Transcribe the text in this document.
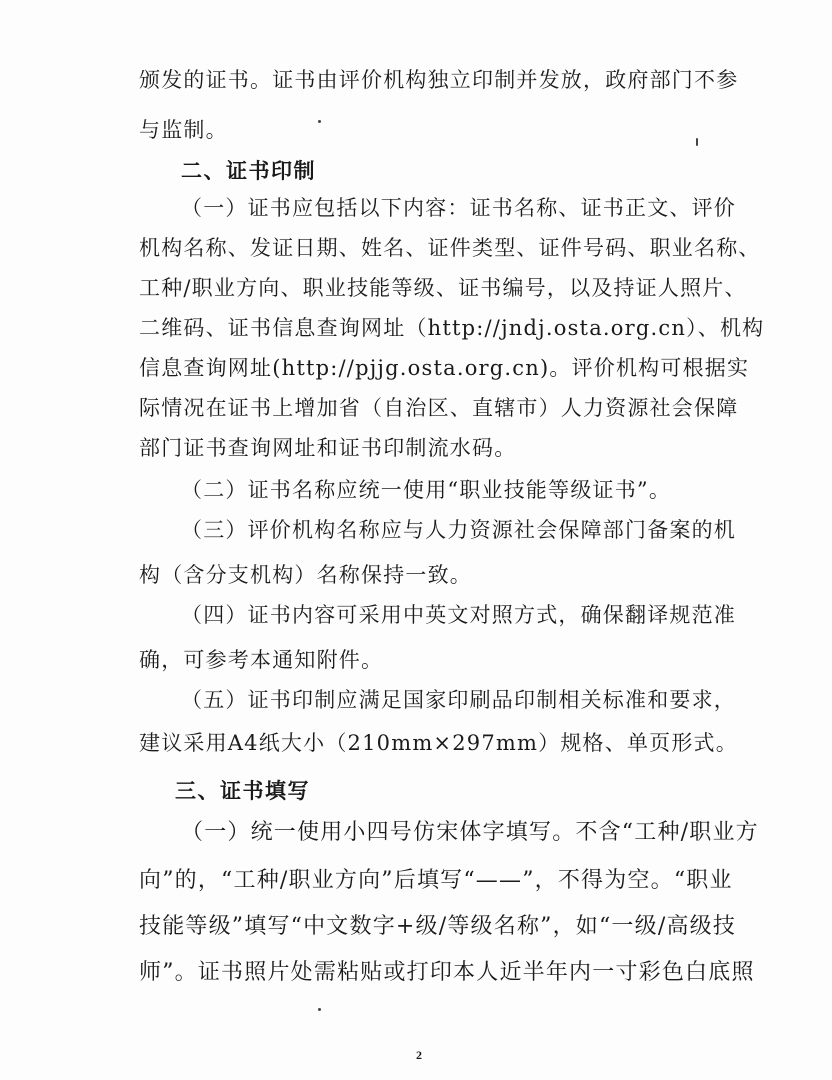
颁发的证书。证书由评价机构独立印制并发放，政府部门不参
与监制。
二、证书印制
（一）证书应包括以下内容：证书名称、证书正文、评价
机构名称、发证日期、姓名、证件类型、证件号码、职业名称、
工种/职业方向、职业技能等级、证书编号，以及持证人照片、
二维码、证书信息查询网址（http://jndj.osta.org.cn）、机构
信息查询网址(http://pjjg.osta.org.cn)。评价机构可根据实
际情况在证书上增加省（自治区、直辖市）人力资源社会保障
部门证书查询网址和证书印制流水码。
（二）证书名称应统一使用“职业技能等级证书”。
（三）评价机构名称应与人力资源社会保障部门备案的机
构（含分支机构）名称保持一致。
（四）证书内容可采用中英文对照方式，确保翻译规范准
确，可参考本通知附件。
（五）证书印制应满足国家印刷品印制相关标准和要求，
建议采用A4纸大小（210mm×297mm）规格、单页形式。
三、证书填写
（一）统一使用小四号仿宋体字填写。不含“工种/职业方
向”的，“工种/职业方向”后填写“——”，不得为空。“职业
技能等级”填写“中文数字+级/等级名称”，如“一级/高级技
师”。证书照片处需粘贴或打印本人近半年内一寸彩色白底照
2
